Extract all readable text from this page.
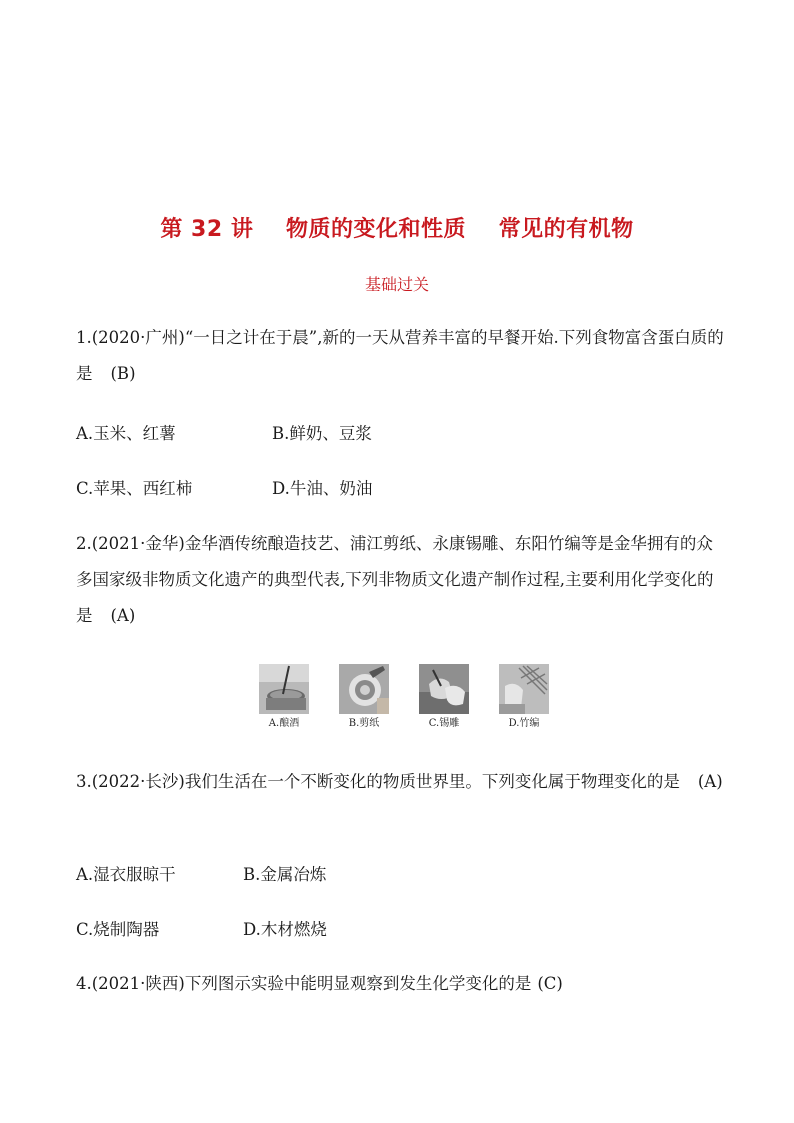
第 32 讲    物质的变化和性质    常见的有机物
基础过关
1.(2020·广州)“一日之计在于晨”,新的一天从营养丰富的早餐开始.下列食物富含蛋白质的是 (B)
A.玉米、红薯	B.鲜奶、豆浆
C.苹果、西红柿	D.牛油、奶油
2.(2021·金华)金华酒传统酿造技艺、浦江剪纸、永康锡雕、东阳竹编等是金华拥有的众多国家级非物质文化遗产的典型代表,下列非物质文化遗产制作过程,主要利用化学变化的是 (A)
A.酿酒	B.剪纸	C.锡雕	D.竹编
3.(2022·长沙)我们生活在一个不断变化的物质世界里。下列变化属于物理变化的是 (A)
A.湿衣服晾干	B.金属冶炼
C.烧制陶器	D.木材燃烧
4.(2021·陕西)下列图示实验中能明显观察到发生化学变化的是 (C)
